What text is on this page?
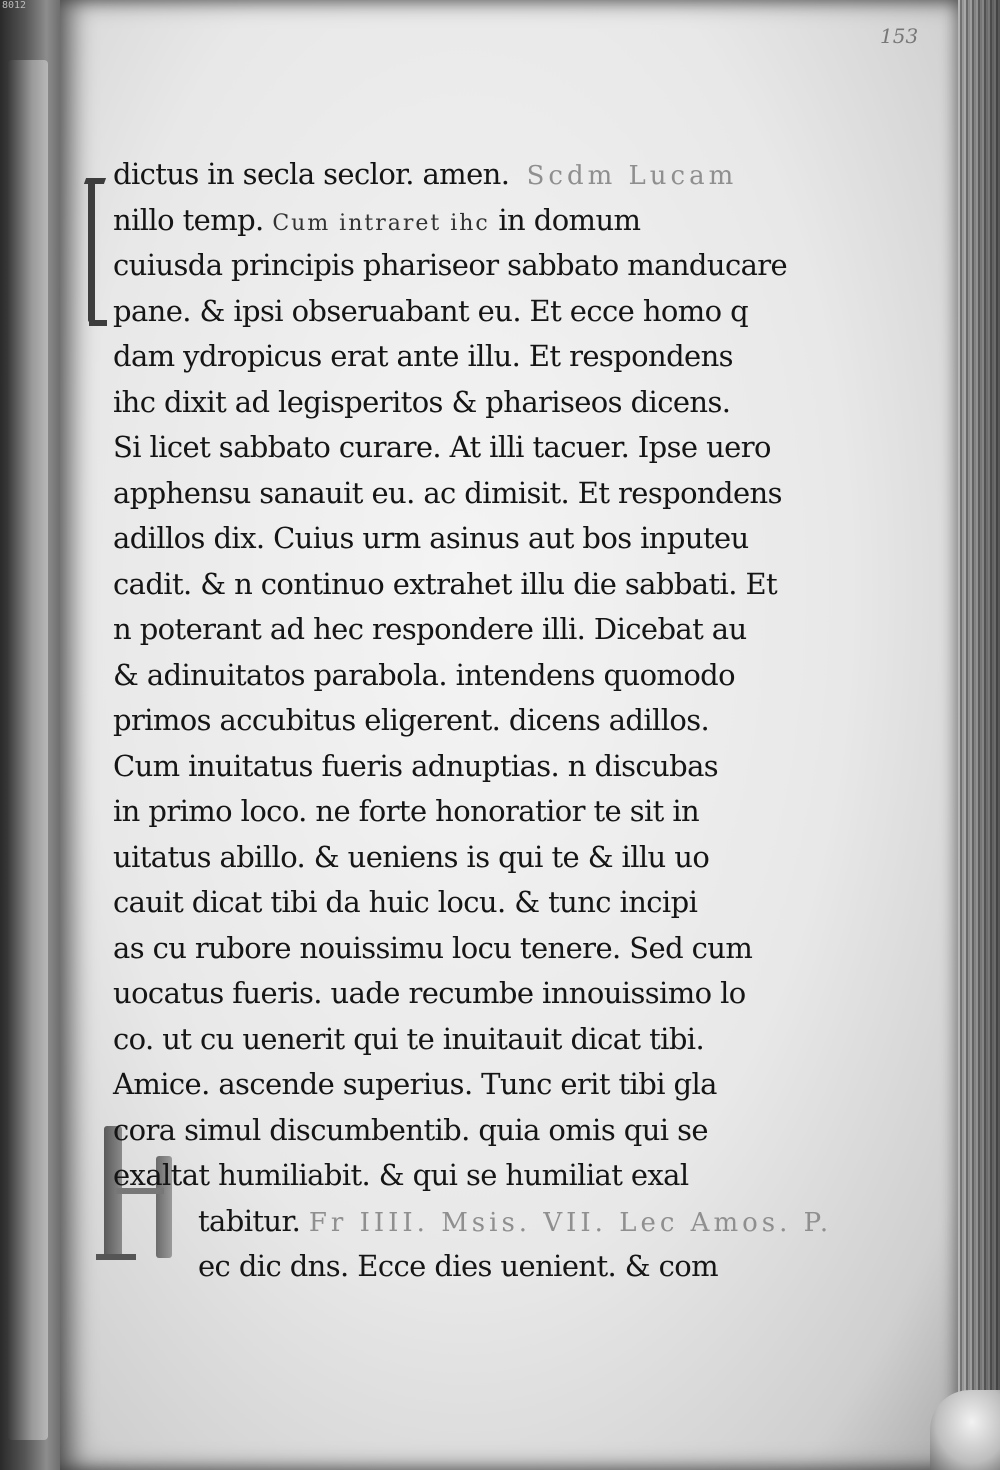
8012
153
dictus in secla seclor. amen. Scdm Lucam
nillo temp. Cum intraret ihc in domum
cuiusda principis phariseor sabbato manducare
pane. & ipsi obseruabant eu. Et ecce homo q
dam ydropicus erat ante illu. Et respondens
ihc dixit ad legisperitos & phariseos dicens.
Si licet sabbato curare. At illi tacuer. Ipse uero
apphensu sanauit eu. ac dimisit. Et respondens
adillos dix. Cuius urm asinus aut bos inputeu
cadit. & n continuo extrahet illu die sabbati. Et
n poterant ad hec respondere illi. Dicebat au
& adinuitatos parabola. intendens quomodo
primos accubitus eligerent. dicens adillos.
Cum inuitatus fueris adnuptias. n discubas
in primo loco. ne forte honoratior te sit in
uitatus abillo. & ueniens is qui te & illu uo
cauit dicat tibi da huic locu. & tunc incipi
as cu rubore nouissimu locu tenere. Sed cum
uocatus fueris. uade recumbe innouissimo lo
co. ut cu uenerit qui te inuitauit dicat tibi.
Amice. ascende superius. Tunc erit tibi gla
cora simul discumbentib. quia omis qui se
exaltat humiliabit. & qui se humiliat exal
tabitur. Fr IIII. Msis. VII. Lec Amos. P.
ec dic dns. Ecce dies uenient. & com
